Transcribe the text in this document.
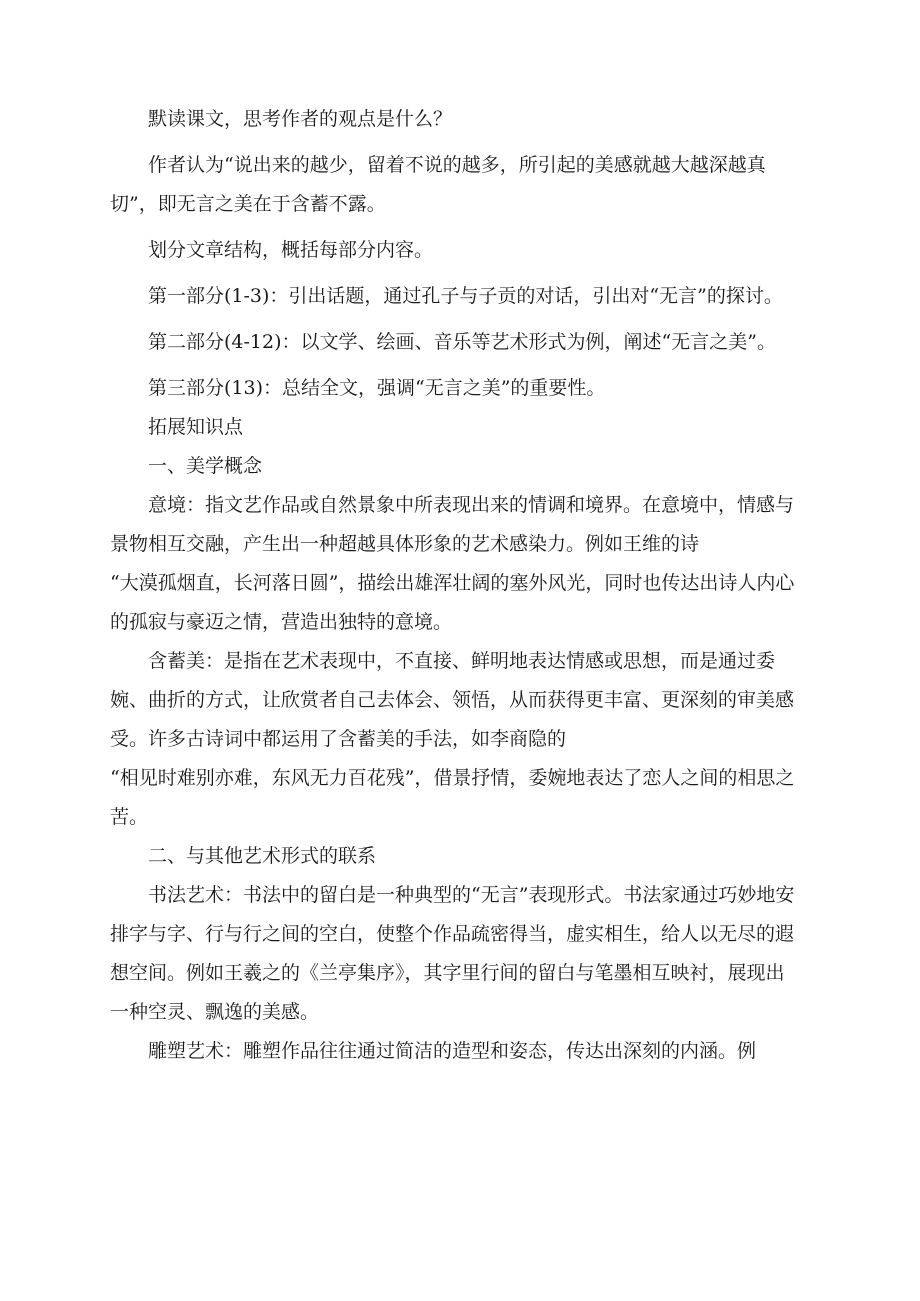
默读课文，思考作者的观点是什么？

作者认为“说出来的越少，留着不说的越多，所引起的美感就越大越深越真切”，即无言之美在于含蓄不露。

划分文章结构，概括每部分内容。

第一部分(1-3)：引出话题，通过孔子与子贡的对话，引出对“无言”的探讨。

第二部分(4-12)：以文学、绘画、音乐等艺术形式为例，阐述“无言之美”。

第三部分(13)：总结全文，强调“无言之美”的重要性。

拓展知识点

一、美学概念

意境：指文艺作品或自然景象中所表现出来的情调和境界。在意境中，情感与景物相互交融，产生出一种超越具体形象的艺术感染力。例如王维的诗

“大漠孤烟直，长河落日圆”，描绘出雄浑壮阔的塞外风光，同时也传达出诗人内心的孤寂与豪迈之情，营造出独特的意境。

含蓄美：是指在艺术表现中，不直接、鲜明地表达情感或思想，而是通过委婉、曲折的方式，让欣赏者自己去体会、领悟，从而获得更丰富、更深刻的审美感受。许多古诗词中都运用了含蓄美的手法，如李商隐的

“相见时难别亦难，东风无力百花残”，借景抒情，委婉地表达了恋人之间的相思之苦。

二、与其他艺术形式的联系

书法艺术：书法中的留白是一种典型的“无言”表现形式。书法家通过巧妙地安排字与字、行与行之间的空白，使整个作品疏密得当，虚实相生，给人以无尽的遐想空间。例如王羲之的《兰亭集序》，其字里行间的留白与笔墨相互映衬，展现出一种空灵、飘逸的美感。

雕塑艺术：雕塑作品往往通过简洁的造型和姿态，传达出深刻的内涵。例
